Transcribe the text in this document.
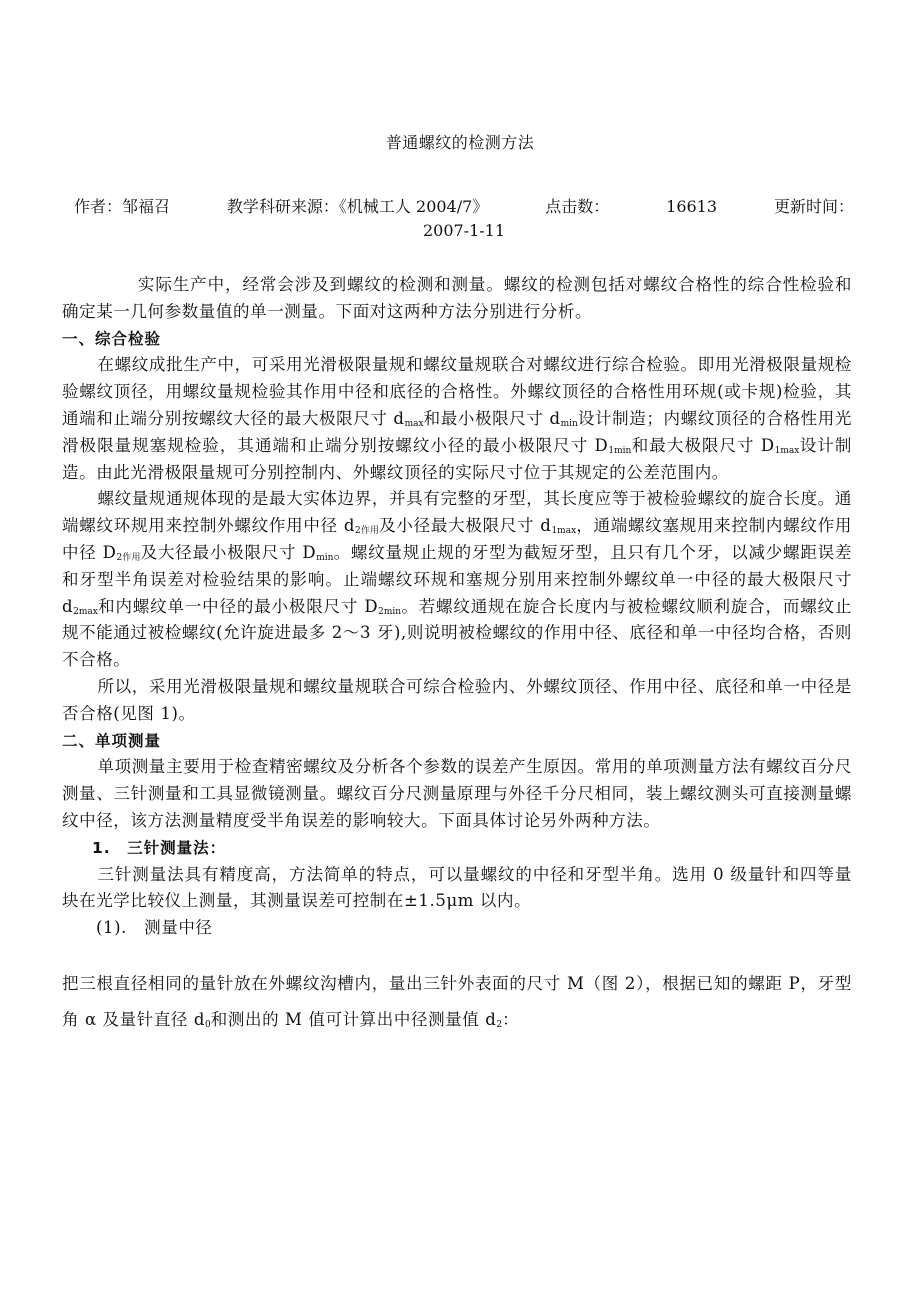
普通螺纹的检测方法
作者：邹福召	教学科研来源：《机械工人 2004/7》	点击数：	16613	更新时间：
2007-1-11

实际生产中，经常会涉及到螺纹的检测和测量。螺纹的检测包括对螺纹合格性的综合性检验和确定某一几何参数量值的单一测量。下面对这两种方法分别进行分析。

一、综合检验

在螺纹成批生产中，可采用光滑极限量规和螺纹量规联合对螺纹进行综合检验。即用光滑极限量规检验螺纹顶径，用螺纹量规检验其作用中径和底径的合格性。外螺纹顶径的合格性用环规(或卡规)检验，其通端和止端分别按螺纹大径的最大极限尺寸 $d_{max}$和最小极限尺寸 $d_{min}$设计制造；内螺纹顶径的合格性用光滑极限量规塞规检验，其通端和止端分别按螺纹小径的最小极限尺寸 $D_{1min}$和最大极限尺寸 $D_{1max}$设计制造。由此光滑极限量规可分别控制内、外螺纹顶径的实际尺寸位于其规定的公差范围内。

螺纹量规通规体现的是最大实体边界，并具有完整的牙型，其长度应等于被检验螺纹的旋合长度。通端螺纹环规用来控制外螺纹作用中径 $d_{2作用}$及小径最大极限尺寸 $d_{1max}$，通端螺纹塞规用来控制内螺纹作用中径 $D_{2作用}$及大径最小极限尺寸 $D_{min}$。螺纹量规止规的牙型为截短牙型，且只有几个牙，以减少螺距误差和牙型半角误差对检验结果的影响。止端螺纹环规和塞规分别用来控制外螺纹单一中径的最大极限尺寸 $d_{2max}$和内螺纹单一中径的最小极限尺寸 $D_{2min}$。若螺纹通规在旋合长度内与被检螺纹顺利旋合，而螺纹止规不能通过被检螺纹(允许旋进最多 2～3 牙),则说明被检螺纹的作用中径、底径和单一中径均合格，否则不合格。

所以，采用光滑极限量规和螺纹量规联合可综合检验内、外螺纹顶径、作用中径、底径和单一中径是否合格(见图 1)。

二、单项测量

单项测量主要用于检查精密螺纹及分析各个参数的误差产生原因。常用的单项测量方法有螺纹百分尺测量、三针测量和工具显微镜测量。螺纹百分尺测量原理与外径千分尺相同，装上螺纹测头可直接测量螺纹中径，该方法测量精度受半角误差的影响较大。下面具体讨论另外两种方法。

1.　三针测量法：

三针测量法具有精度高，方法简单的特点，可以量螺纹的中径和牙型半角。选用 0 级量针和四等量块在光学比较仪上测量，其测量误差可控制在±1.5μm 以内。

(1).　测量中径

把三根直径相同的量针放在外螺纹沟槽内，量出三针外表面的尺寸 M（图 2），根据已知的螺距 P，牙型角 α 及量针直径 $d_0$和测出的 M 值可计算出中径测量值 $d_2$：
